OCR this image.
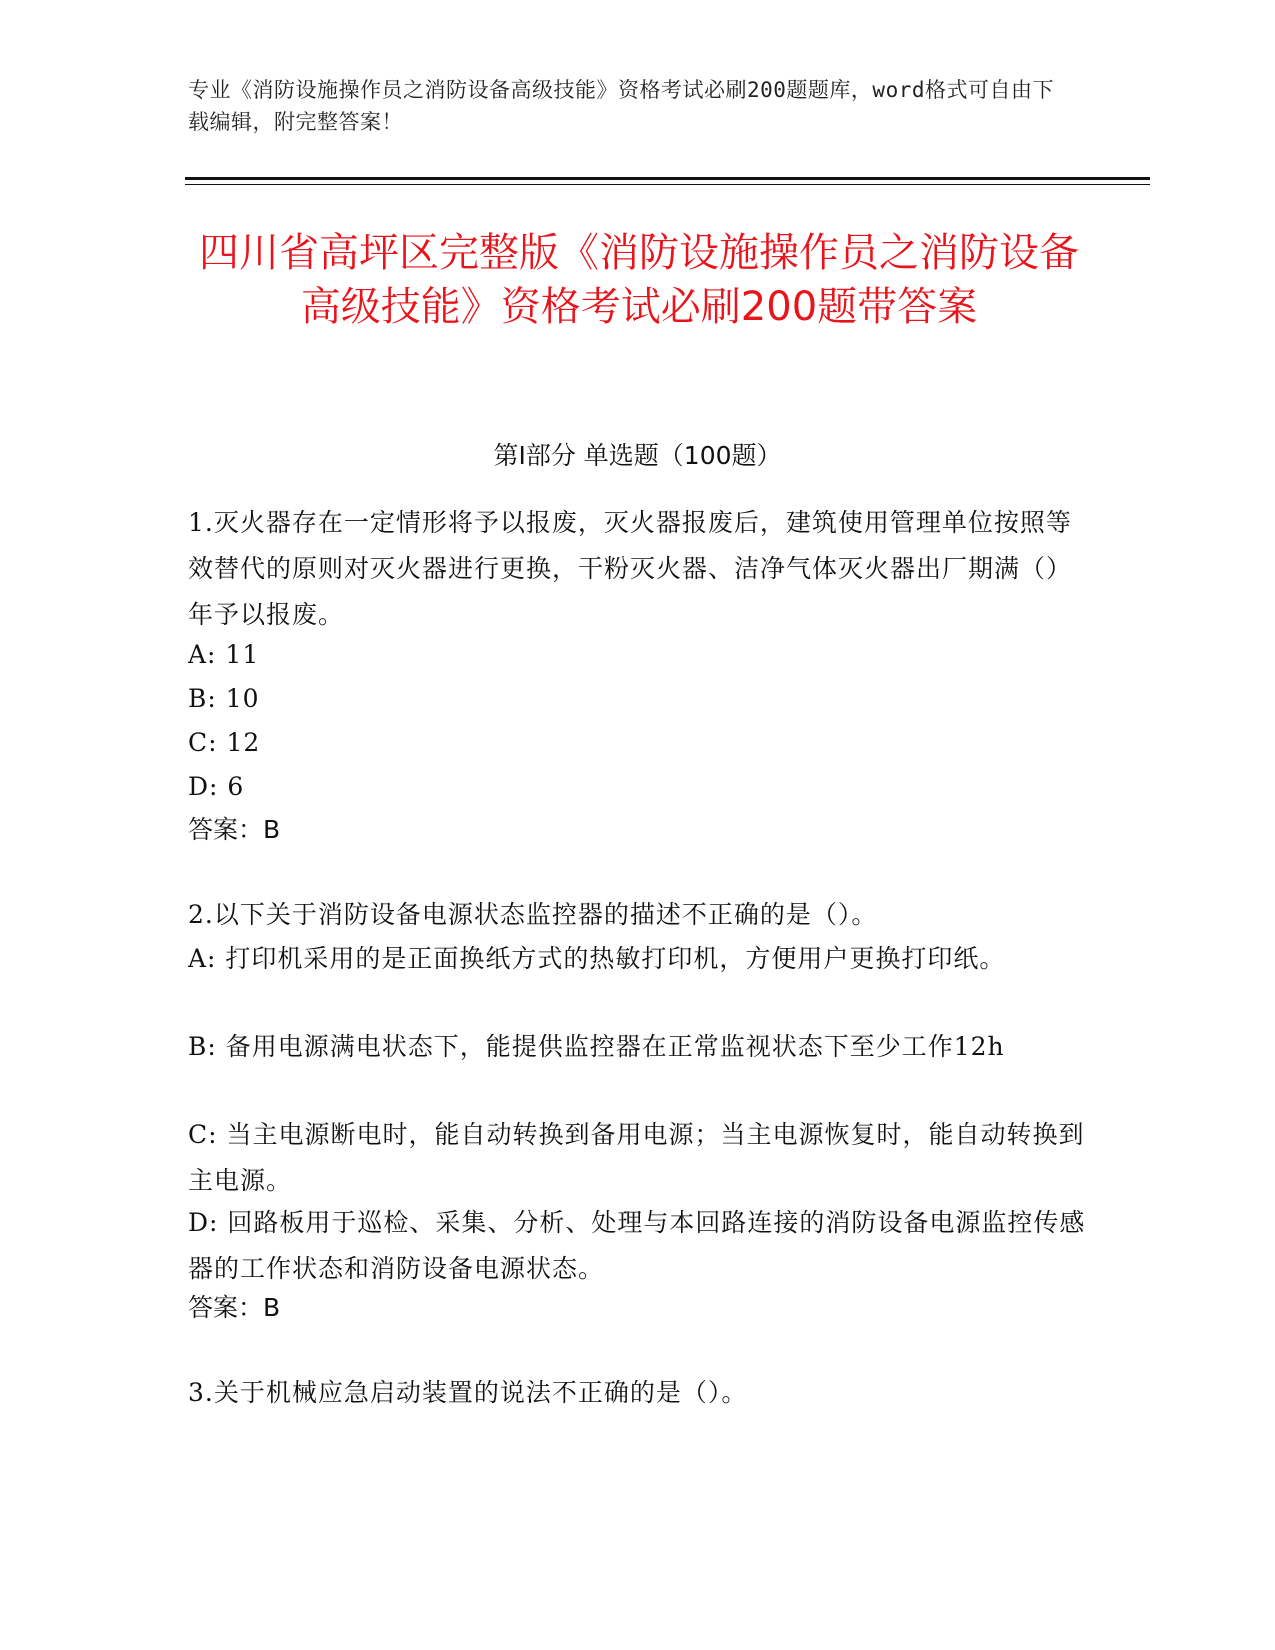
专业《消防设施操作员之消防设备高级技能》资格考试必刷200题题库，word格式可自由下载编辑，附完整答案！
四川省高坪区完整版《消防设施操作员之消防设备高级技能》资格考试必刷200题带答案
第I部分 单选题（100题）
1.灭火器存在一定情形将予以报废，灭火器报废后，建筑使用管理单位按照等效替代的原则对灭火器进行更换，干粉灭火器、洁净气体灭火器出厂期满（）年予以报废。
A: 11
B: 10
C: 12
D: 6
答案：B
2.以下关于消防设备电源状态监控器的描述不正确的是（）。
A: 打印机采用的是正面换纸方式的热敏打印机，方便用户更换打印纸。
B: 备用电源满电状态下，能提供监控器在正常监视状态下至少工作12h
C: 当主电源断电时，能自动转换到备用电源；当主电源恢复时，能自动转换到主电源。
D: 回路板用于巡检、采集、分析、处理与本回路连接的消防设备电源监控传感器的工作状态和消防设备电源状态。
答案：B
3.关于机械应急启动装置的说法不正确的是（）。
